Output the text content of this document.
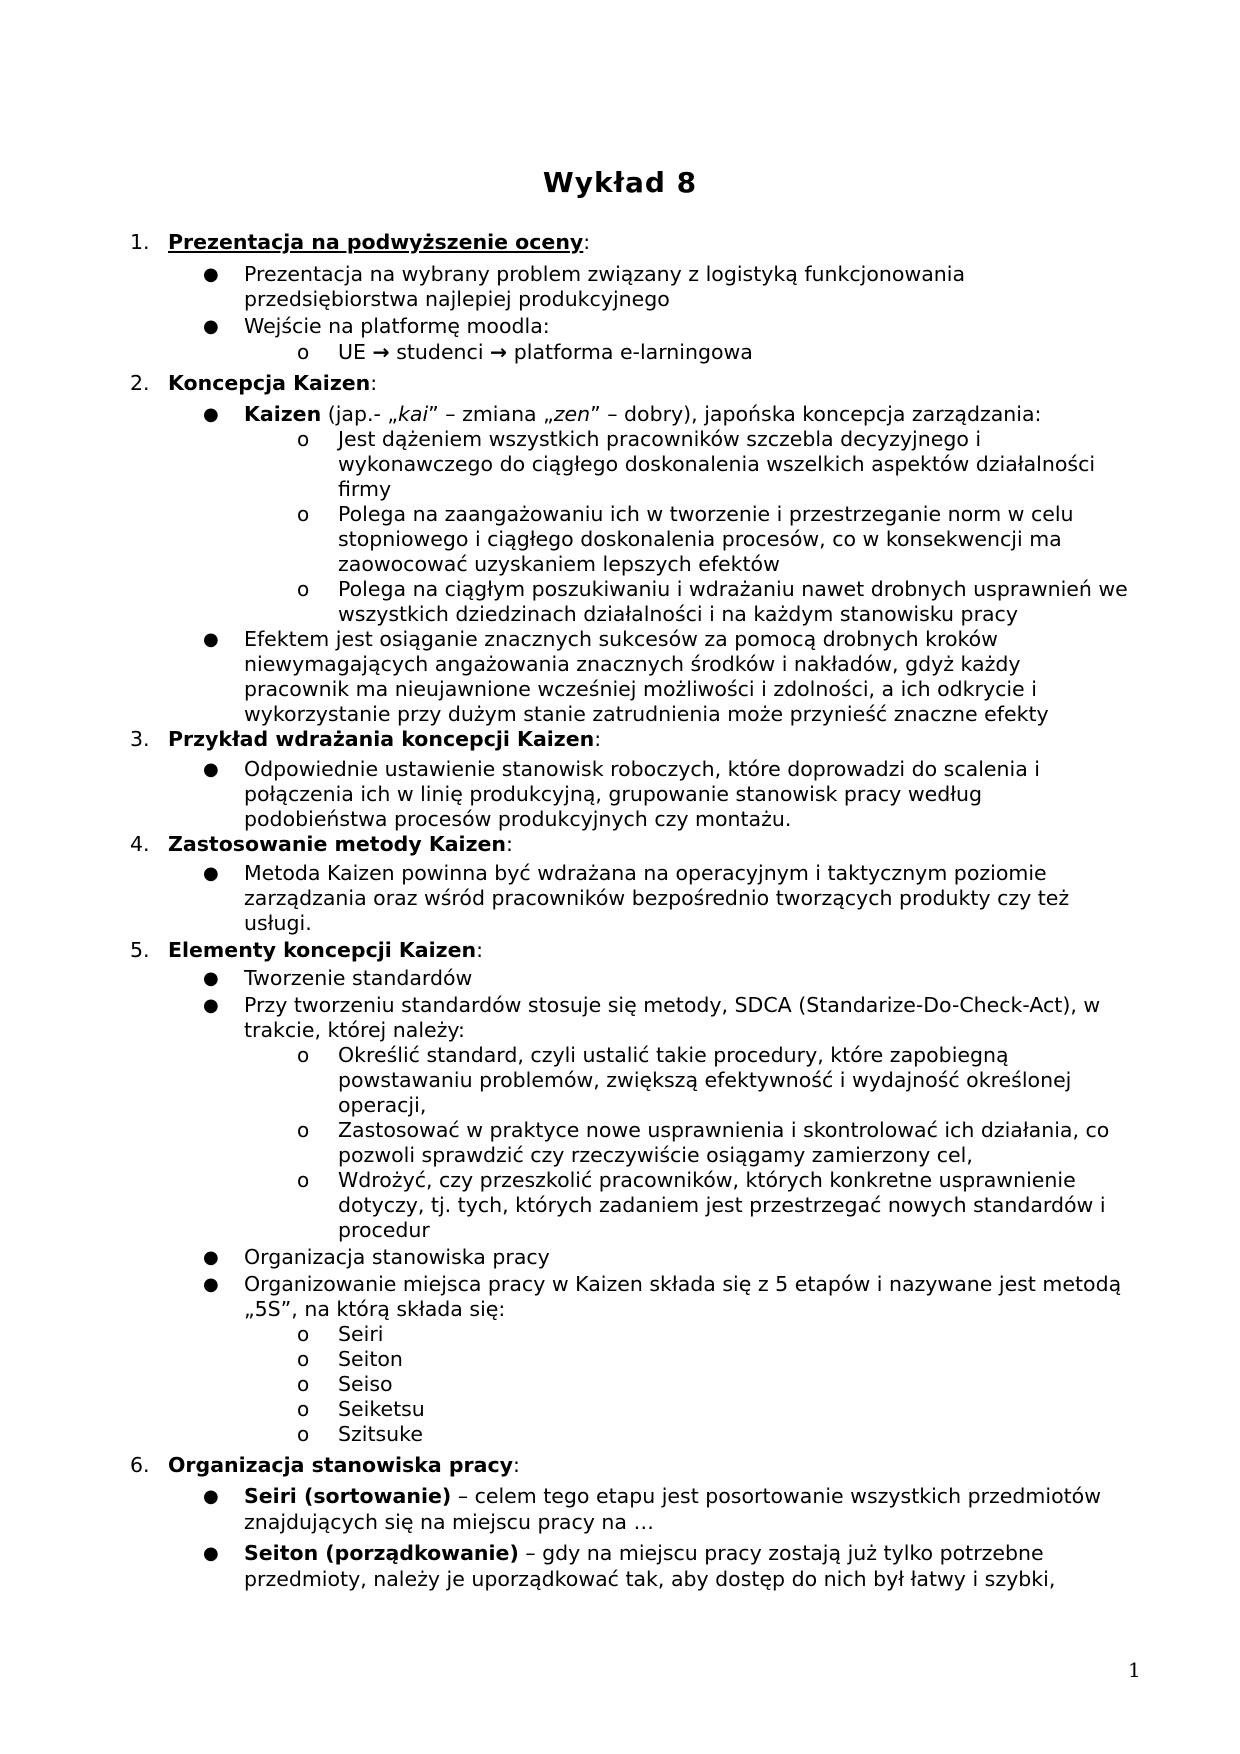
Wykład 8
1. Prezentacja na podwyższenie oceny:
● Prezentacja na wybrany problem związany z logistyką funkcjonowania
przedsiębiorstwa najlepiej produkcyjnego
● Wejście na platformę moodla:
o UE → studenci → platforma e-larningowa
2. Koncepcja Kaizen:
● Kaizen (jap.- „kai” – zmiana „zen” – dobry), japońska koncepcja zarządzania:
o Jest dążeniem wszystkich pracowników szczebla decyzyjnego i
wykonawczego do ciągłego doskonalenia wszelkich aspektów działalności
firmy
o Polega na zaangażowaniu ich w tworzenie i przestrzeganie norm w celu
stopniowego i ciągłego doskonalenia procesów, co w konsekwencji ma
zaowocować uzyskaniem lepszych efektów
o Polega na ciągłym poszukiwaniu i wdrażaniu nawet drobnych usprawnień we
wszystkich dziedzinach działalności i na każdym stanowisku pracy
● Efektem jest osiąganie znacznych sukcesów za pomocą drobnych kroków
niewymagających angażowania znacznych środków i nakładów, gdyż każdy
pracownik ma nieujawnione wcześniej możliwości i zdolności, a ich odkrycie i
wykorzystanie przy dużym stanie zatrudnienia może przynieść znaczne efekty
3. Przykład wdrażania koncepcji Kaizen:
● Odpowiednie ustawienie stanowisk roboczych, które doprowadzi do scalenia i
połączenia ich w linię produkcyjną, grupowanie stanowisk pracy według
podobieństwa procesów produkcyjnych czy montażu.
4. Zastosowanie metody Kaizen:
● Metoda Kaizen powinna być wdrażana na operacyjnym i taktycznym poziomie
zarządzania oraz wśród pracowników bezpośrednio tworzących produkty czy też
usługi.
5. Elementy koncepcji Kaizen:
● Tworzenie standardów
● Przy tworzeniu standardów stosuje się metody, SDCA (Standarize-Do-Check-Act), w
trakcie, której należy:
o Określić standard, czyli ustalić takie procedury, które zapobiegną
powstawaniu problemów, zwiększą efektywność i wydajność określonej
operacji,
o Zastosować w praktyce nowe usprawnienia i skontrolować ich działania, co
pozwoli sprawdzić czy rzeczywiście osiągamy zamierzony cel,
o Wdrożyć, czy przeszkolić pracowników, których konkretne usprawnienie
dotyczy, tj. tych, których zadaniem jest przestrzegać nowych standardów i
procedur
● Organizacja stanowiska pracy
● Organizowanie miejsca pracy w Kaizen składa się z 5 etapów i nazywane jest metodą
„5S”, na którą składa się:
o Seiri
o Seiton
o Seiso
o Seiketsu
o Szitsuke
6. Organizacja stanowiska pracy:
● Seiri (sortowanie) – celem tego etapu jest posortowanie wszystkich przedmiotów
znajdujących się na miejscu pracy na …
● Seiton (porządkowanie) – gdy na miejscu pracy zostają już tylko potrzebne
przedmioty, należy je uporządkować tak, aby dostęp do nich był łatwy i szybki,
1
